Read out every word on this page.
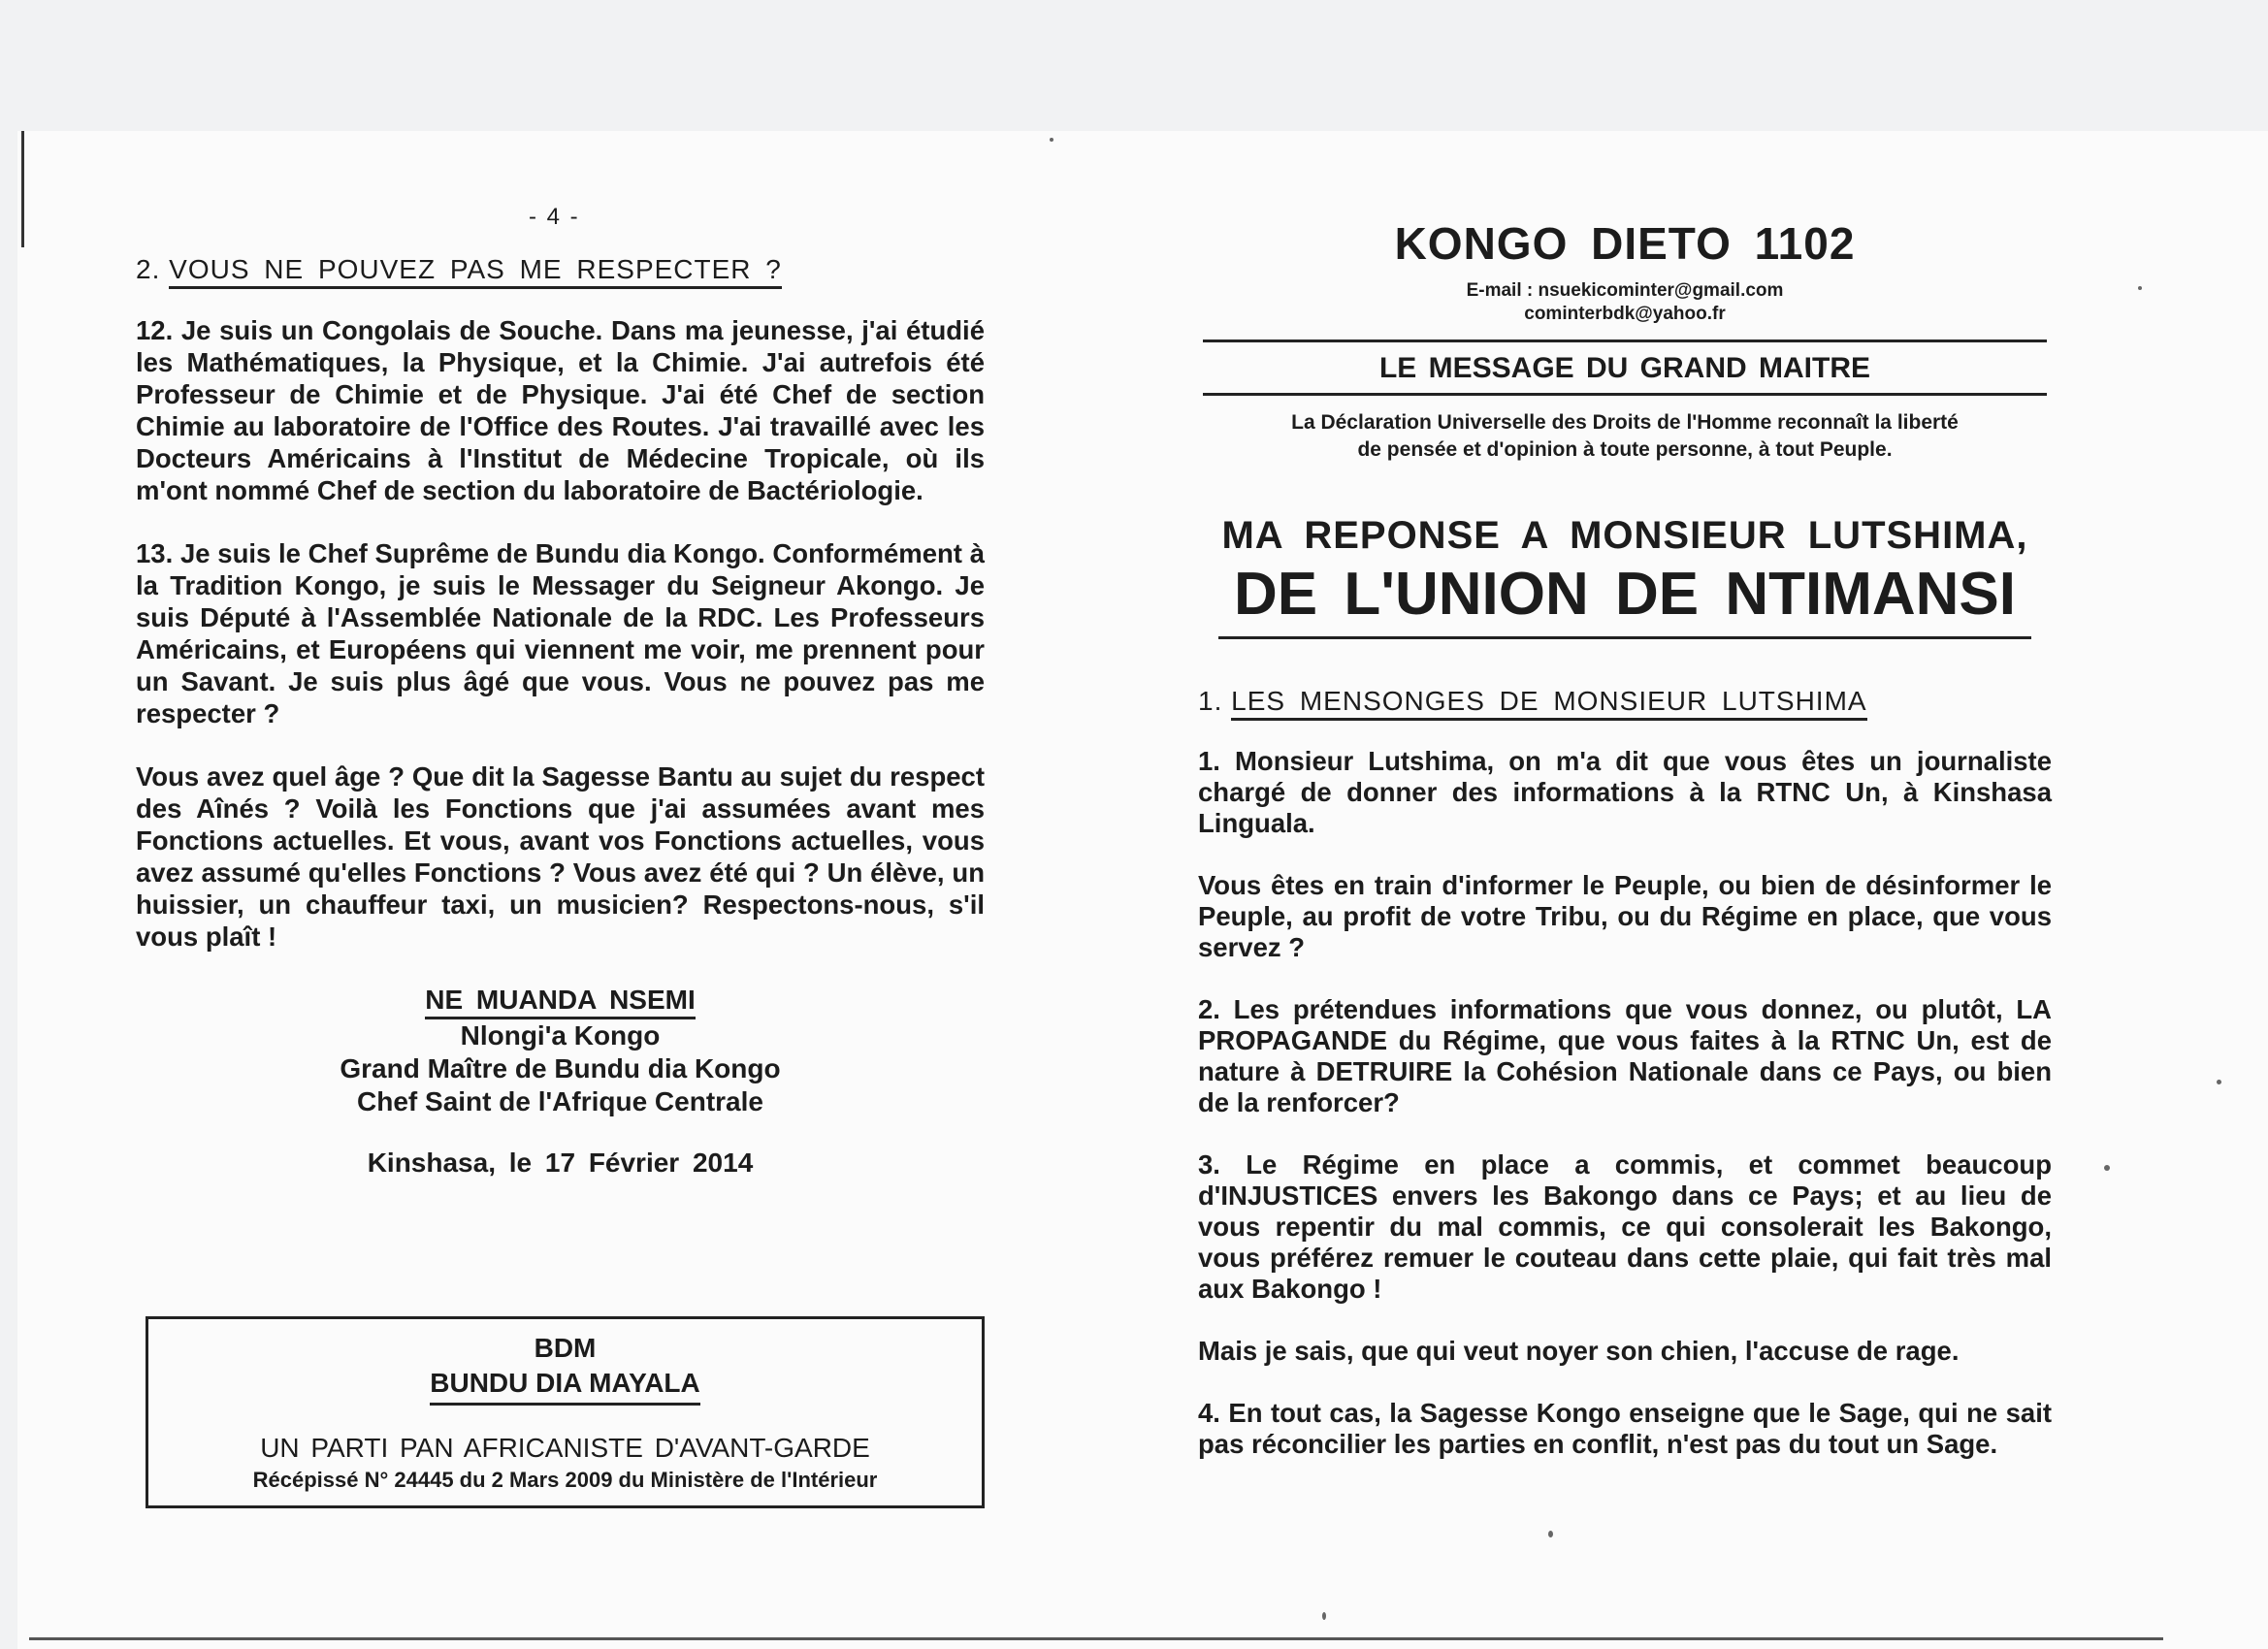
- 4 -
2. VOUS NE POUVEZ PAS ME RESPECTER ?

12. Je suis un Congolais de Souche. Dans ma jeunesse, j'ai étudié les Mathématiques, la Physique, et la Chimie. J'ai autrefois été Professeur de Chimie et de Physique. J'ai été Chef de section Chimie au laboratoire de l'Office des Routes. J'ai travaillé avec les Docteurs Américains à l'Institut de Médecine Tropicale, où ils m'ont nommé Chef de section du laboratoire de Bactériologie.

13. Je suis le Chef Suprême de Bundu dia Kongo. Conformément à la Tradition Kongo, je suis le Messager du Seigneur Akongo. Je suis Député à l'Assemblée Nationale de la RDC. Les Professeurs Américains, et Européens qui viennent me voir, me prennent pour un Savant. Je suis plus âgé que vous. Vous ne pouvez pas me respecter ?

Vous avez quel âge ? Que dit la Sagesse Bantu au sujet du respect des Aînés ? Voilà les Fonctions que j'ai assumées avant mes Fonctions actuelles. Et vous, avant vos Fonctions actuelles, vous avez assumé qu'elles Fonctions ? Vous avez été qui ? Un élève, un huissier, un chauffeur taxi, un musicien? Respectons-nous, s'il vous plaît !

NE MUANDA NSEMI
Nlongi'a Kongo
Grand Maître de Bundu dia Kongo
Chef Saint de l'Afrique Centrale
Kinshasa, le 17 Février 2014
BDM
BUNDU DIA MAYALA
UN PARTI PAN AFRICANISTE D'AVANT-GARDE
Récépissé N° 24445 du 2 Mars 2009 du Ministère de l'Intérieur
KONGO DIETO 1102
E-mail : nsuekicominter@gmail.com
cominterbdk@yahoo.fr
LE MESSAGE DU GRAND MAITRE
La Déclaration Universelle des Droits de l'Homme reconnaît la liberté
de pensée et d'opinion à toute personne, à tout Peuple.
MA REPONSE A MONSIEUR LUTSHIMA,
DE L'UNION DE NTIMANSI
1. LES MENSONGES DE MONSIEUR LUTSHIMA

1. Monsieur Lutshima, on m'a dit que vous êtes un journaliste chargé de donner des informations à la RTNC Un, à Kinshasa Linguala.

Vous êtes en train d'informer le Peuple, ou bien de désinformer le Peuple, au profit de votre Tribu, ou du Régime en place, que vous servez ?

2. Les prétendues informations que vous donnez, ou plutôt, LA PROPAGANDE du Régime, que vous faites à la RTNC Un, est de nature à DETRUIRE la Cohésion Nationale dans ce Pays, ou bien de la renforcer?

3. Le Régime en place a commis, et commet beaucoup d'INJUSTICES envers les Bakongo dans ce Pays; et au lieu de vous repentir du mal commis, ce qui consolerait les Bakongo, vous préférez remuer le couteau dans cette plaie, qui fait très mal aux Bakongo !

Mais je sais, que qui veut noyer son chien, l'accuse de rage.

4. En tout cas, la Sagesse Kongo enseigne que le Sage, qui ne sait pas réconcilier les parties en conflit, n'est pas du tout un Sage.
